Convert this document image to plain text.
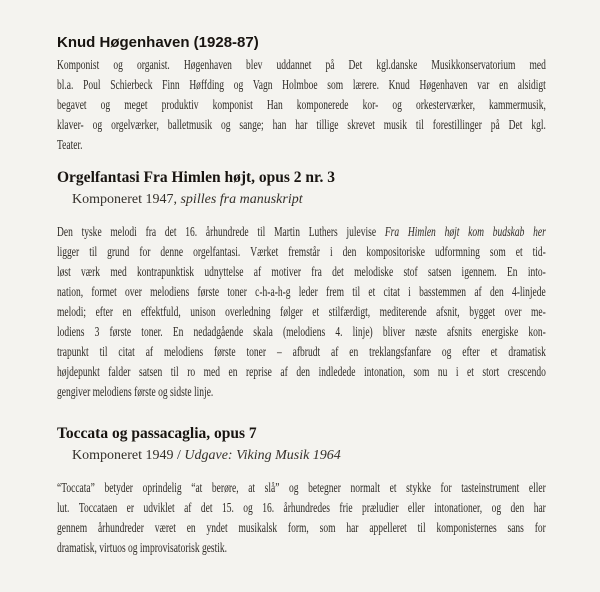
Knud Høgenhaven (1928-87)
Komponist og organist. Høgenhaven blev uddannet på Det kgl.danske Musikkonservatorium med
bl.a. Poul Schierbeck Finn Høffding og Vagn Holmboe som lærere. Knud Høgenhaven var en alsidigt
begavet og meget produktiv komponist Han komponerede kor- og orkesterværker, kammermusik,
klaver- og orgelværker, balletmusik og sange; han har tillige skrevet musik til forestillinger på Det kgl.
Teater.
Orgelfantasi Fra Himlen højt, opus 2 nr. 3
Komponeret 1947, spilles fra manuskript
Den tyske melodi fra det 16. århundrede til Martin Luthers julevise Fra Himlen højt kom budskab her
ligger til grund for denne orgelfantasi. Værket fremstår i den kompositoriske udformning som et tid-
løst værk med kontrapunktisk udnyttelse af motiver fra det melodiske stof satsen igennem. En into-
nation, formet over melodiens første toner c-h-a-h-g leder frem til et citat i basstemmen af den 4-linjede
melodi; efter en effektfuld, unison overledning følger et stilfærdigt, mediterende afsnit, bygget over me-
lodiens 3 første toner. En nedadgående skala (melodiens 4. linje) bliver næste afsnits energiske kon-
trapunkt til citat af melodiens første toner – afbrudt af en treklangsfanfare og efter et dramatisk
højdepunkt falder satsen til ro med en reprise af den indledede intonation, som nu i et stort crescendo
gengiver melodiens første og sidste linje.
Toccata og passacaglia, opus 7
Komponeret 1949 / Udgave: Viking Musik 1964
“Toccata” betyder oprindelig “at berøre, at slå” og betegner normalt et stykke for tasteinstrument eller
lut. Toccataen er udviklet af det 15. og 16. århundredes frie præludier eller intonationer, og den har
gennem århundreder været en yndet musikalsk form, som har appelleret til komponisternes sans for
dramatisk, virtuos og improvisatorisk gestik.
